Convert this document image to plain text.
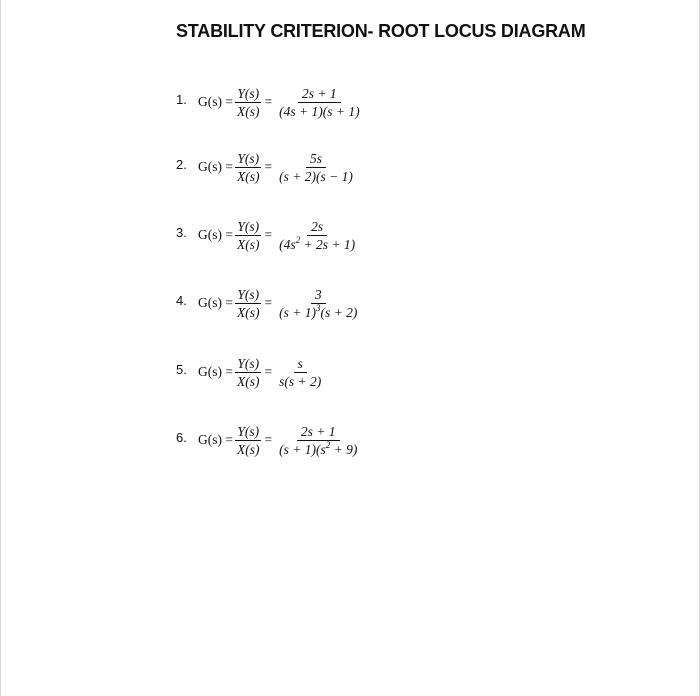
STABILITY CRITERION- ROOT LOCUS DIAGRAM
1. $G(s) = \frac{Y(s)}{X(s)} = \frac{2s + 1}{(4s + 1)(s + 1)}$
2. $G(s) = \frac{Y(s)}{X(s)} = \frac{5s}{(s + 2)(s - 1)}$
3. $G(s) = \frac{Y(s)}{X(s)} = \frac{2s}{(4s^2 + 2s + 1)}$
4. $G(s) = \frac{Y(s)}{X(s)} = \frac{3}{(s + 1)^3(s + 2)}$
5. $G(s) = \frac{Y(s)}{X(s)} = \frac{s}{s(s + 2)}$
6. $G(s) = \frac{Y(s)}{X(s)} = \frac{2s + 1}{(s + 1)(s^2 + 9)}$
